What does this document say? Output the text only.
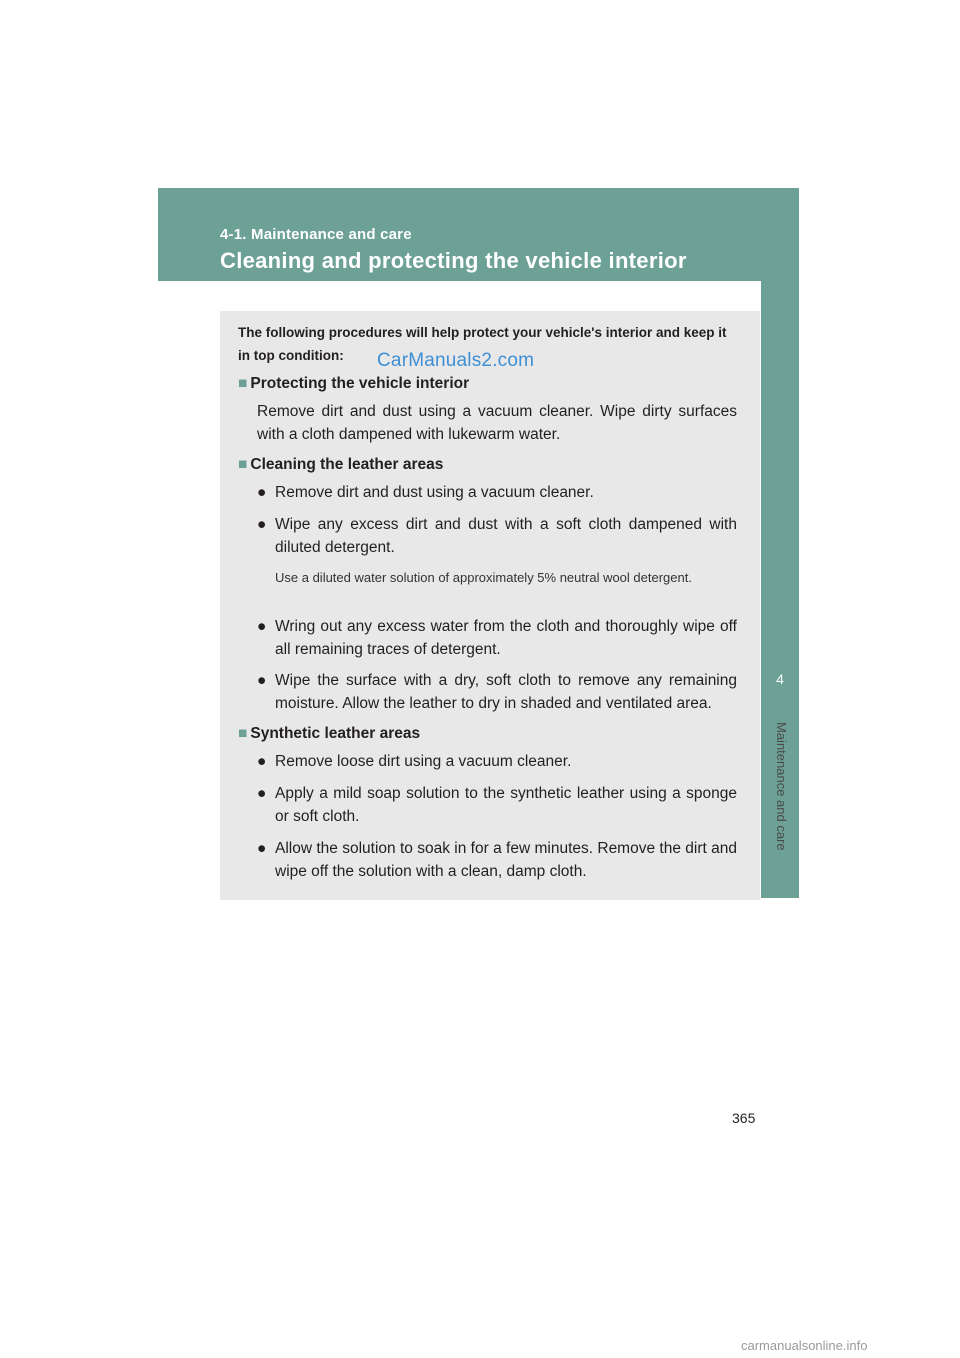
4-1. Maintenance and care
Cleaning and protecting the vehicle interior
4
Maintenance and care
The following procedures will help protect your vehicle's interior and keep it in top condition:	CarManuals2.com
■ Protecting the vehicle interior
Remove dirt and dust using a vacuum cleaner. Wipe dirty surfaces with a cloth dampened with lukewarm water.
■ Cleaning the leather areas
● Remove dirt and dust using a vacuum cleaner.
● Wipe any excess dirt and dust with a soft cloth dampened with diluted detergent.
Use a diluted water solution of approximately 5% neutral wool detergent.
● Wring out any excess water from the cloth and thoroughly wipe off all remaining traces of detergent.
● Wipe the surface with a dry, soft cloth to remove any remaining moisture. Allow the leather to dry in shaded and ventilated area.
■ Synthetic leather areas
● Remove loose dirt using a vacuum cleaner.
● Apply a mild soap solution to the synthetic leather using a sponge or soft cloth.
● Allow the solution to soak in for a few minutes. Remove the dirt and wipe off the solution with a clean, damp cloth.
365
carmanualsonline.info
